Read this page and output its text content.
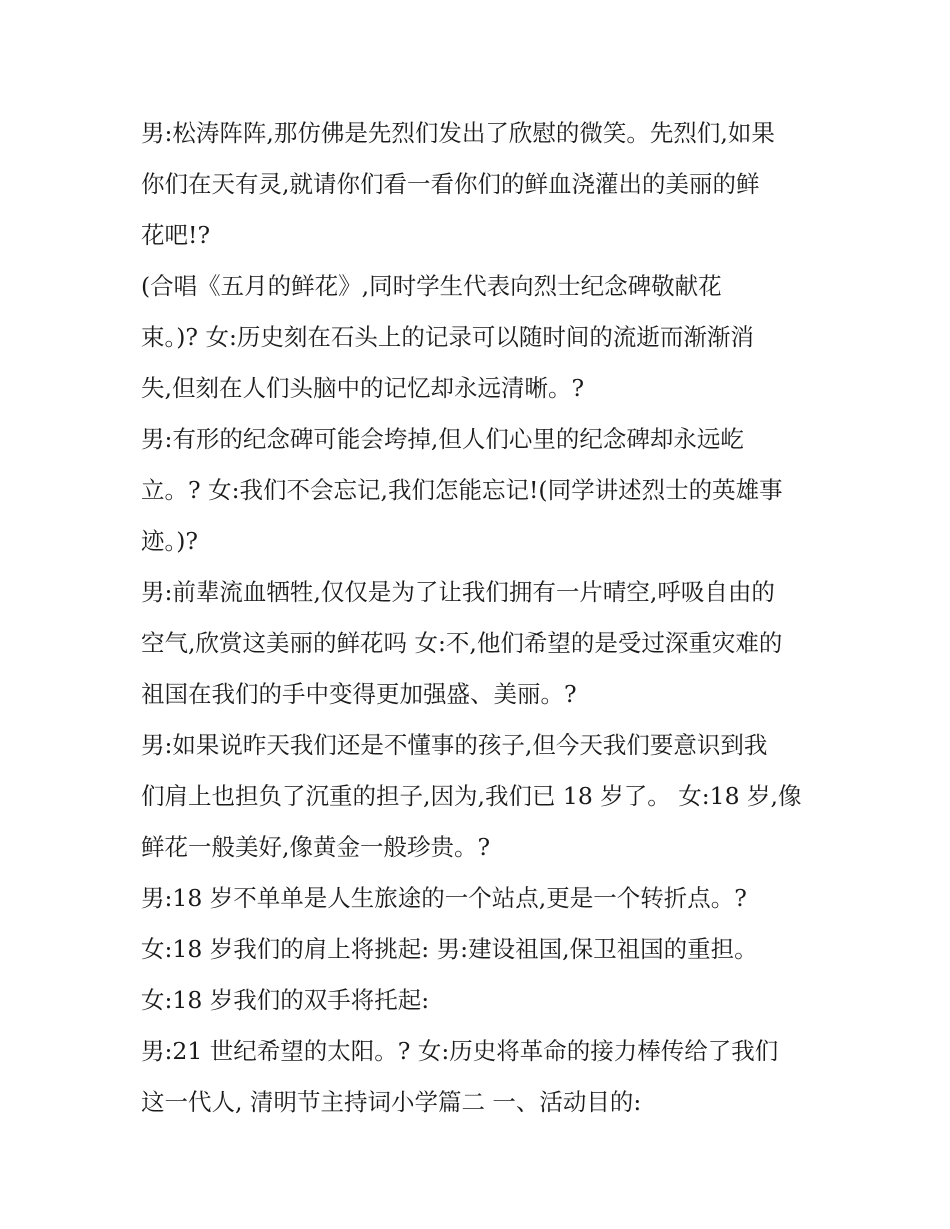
男:松涛阵阵,那仿佛是先烈们发出了欣慰的微笑。先烈们,如果
你们在天有灵,就请你们看一看你们的鲜血浇灌出的美丽的鲜
花吧!?
(合唱《五月的鲜花》,同时学生代表向烈士纪念碑敬献花
束。)? 女:历史刻在石头上的记录可以随时间的流逝而渐渐消
失,但刻在人们头脑中的记忆却永远清晰。?
男:有形的纪念碑可能会垮掉,但人们心里的纪念碑却永远屹
立。? 女:我们不会忘记,我们怎能忘记!(同学讲述烈士的英雄事
迹。)?
男:前辈流血牺牲,仅仅是为了让我们拥有一片晴空,呼吸自由的
空气,欣赏这美丽的鲜花吗 女:不,他们希望的是受过深重灾难的
祖国在我们的手中变得更加强盛、美丽。?
男:如果说昨天我们还是不懂事的孩子,但今天我们要意识到我
们肩上也担负了沉重的担子,因为,我们已 18 岁了。 女:18 岁,像
鲜花一般美好,像黄金一般珍贵。?
男:18 岁不单单是人生旅途的一个站点,更是一个转折点。?
女:18 岁我们的肩上将挑起: 男:建设祖国,保卫祖国的重担。
女:18 岁我们的双手将托起:
男:21 世纪希望的太阳。? 女:历史将革命的接力棒传给了我们
这一代人, 清明节主持词小学篇二 一、活动目的:
